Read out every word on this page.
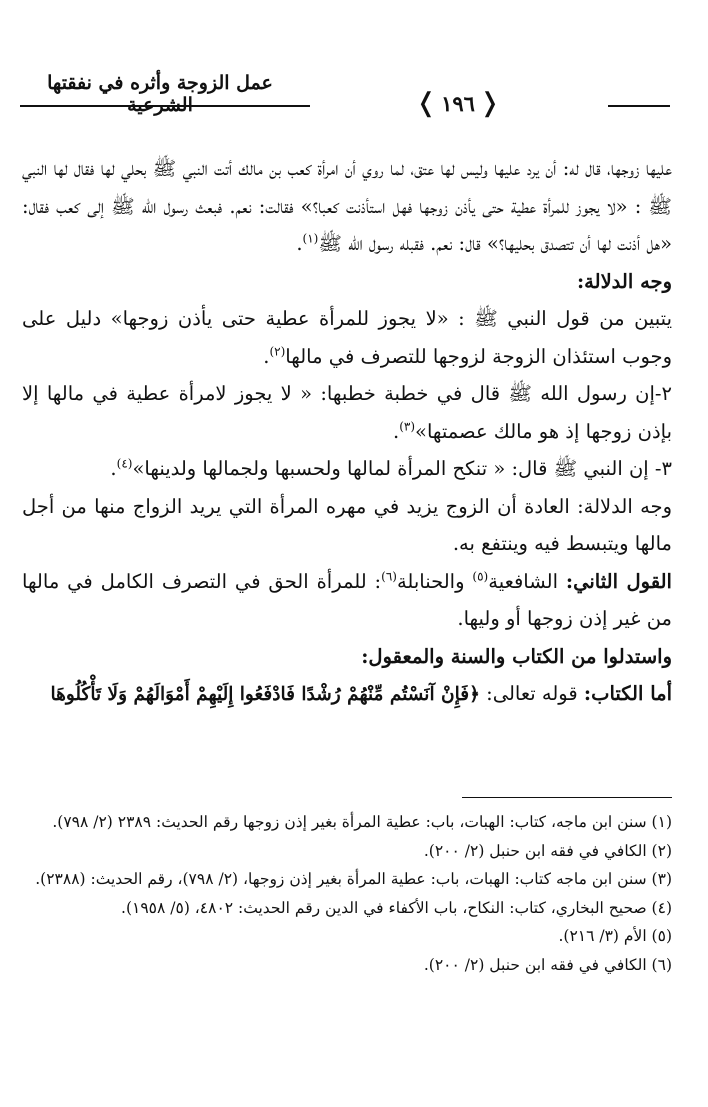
عمل الزوجة وأثره في نفقتها الشرعية	❬
١٩٦
❭

عليها زوجها، قال له: أن يرد عليها وليس لها عتق، لما روي أن امرأة كعب بن مالك أتت النبي ﷺ بحلي لها فقال لها النبي ﷺ : «لا يجوز للمرأة عطية حتى يأذن زوجها فهل استأذنت كعبا؟» فقالت: نعم. فبعث رسول الله ﷺ إلى كعب فقال: «هل أذنت لها أن تتصدق بحليها؟» قال: نعم. فقبله رسول الله ﷺ$^{(١)}$.

وجه الدلالة:

يتبين من قول النبي ﷺ : «لا يجوز للمرأة عطية حتى يأذن زوجها» دليل على وجوب استئذان الزوجة لزوجها للتصرف في مالها$^{(٢)}$.

٢-إن رسول الله ﷺ قال في خطبة خطبها: « لا يجوز لامرأة عطية في مالها إلا بإذن زوجها إذ هو مالك عصمتها»$^{(٣)}$.

٣- إن النبي ﷺ قال: « تنكح المرأة لمالها ولحسبها ولجمالها ولدينها»$^{(٤)}$.

وجه الدلالة: العادة أن الزوج يزيد في مهره المرأة التي يريد الزواج منها من أجل مالها ويتبسط فيه وينتفع به.

القول الثاني: الشافعية$^{(٥)}$ والحنابلة$^{(٦)}$: للمرأة الحق في التصرف الكامل في مالها من غير إذن زوجها أو وليها.

واستدلوا من الكتاب والسنة والمعقول:

أما الكتاب: قوله تعالى: ﴿فَإِنْ آنَسْتُم مِّنْهُمْ رُشْدًا فَادْفَعُوا إِلَيْهِمْ أَمْوَالَهُمْ وَلَا تَأْكُلُوهَا

(١) سنن ابن ماجه، كتاب: الهبات، باب: عطية المرأة بغير إذن زوجها رقم الحديث: ٢٣٨٩ (٢/ ٧٩٨).

(٢) الكافي في فقه ابن حنبل (٢/ ٢٠٠).

(٣) سنن ابن ماجه كتاب: الهبات، باب: عطية المرأة بغير إذن زوجها، (٢/ ٧٩٨)، رقم الحديث: (٢٣٨٨).

(٤) صحيح البخاري، كتاب: النكاح، باب الأكفاء في الدين رقم الحديث: ٤٨٠٢، (٥/ ١٩٥٨).

(٥) الأم (٣/ ٢١٦).

(٦) الكافي في فقه ابن حنبل (٢/ ٢٠٠).
